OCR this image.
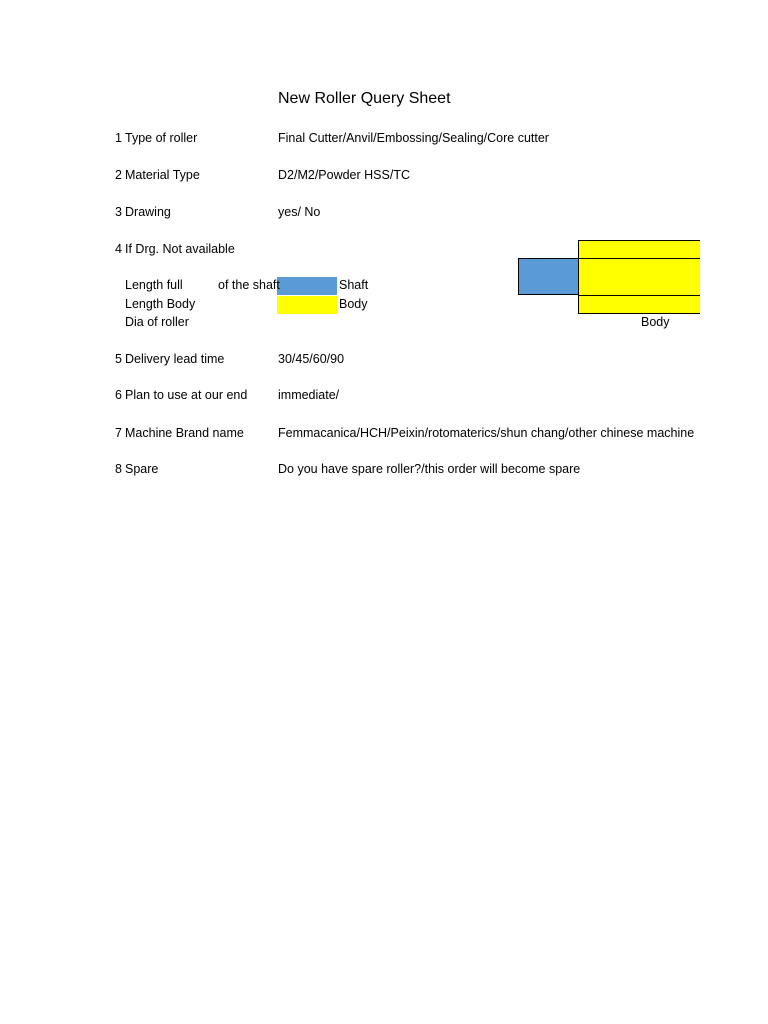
New Roller Query Sheet
1 Type of roller	Final Cutter/Anvil/Embossing/Sealing/Core cutter
2 Material Type	D2/M2/Powder HSS/TC
3 Drawing	yes/ No
4 If Drg. Not available
Length full	of the shaft	Shaft
Length Body	Body
Dia of roller	Body
5 Delivery lead time	30/45/60/90
6 Plan to use at our end immediate/
7 Machine Brand name	Femmacanica/HCH/Peixin/rotomaterics/shun chang/other chinese machine
8 Spare	Do you have spare roller?/this order will become spare
